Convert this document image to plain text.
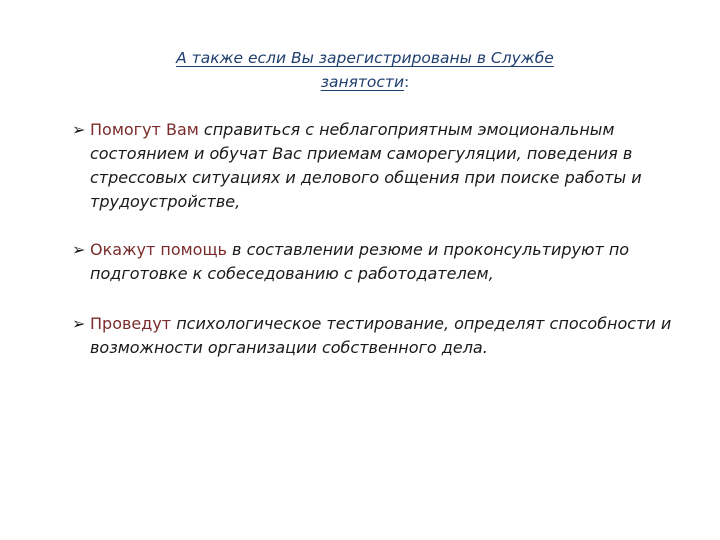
А также если Вы зарегистрированы в Службе
занятости:
➢ Помогут Вам справиться с неблагоприятным эмоциональным состоянием и обучат Вас приемам саморегуляции, поведения в стрессовых ситуациях и делового общения при поиске работы и трудоустройстве,
➢ Окажут помощь в составлении резюме и проконсультируют по подготовке к собеседованию с работодателем,
➢ Проведут психологическое тестирование, определят способности и возможности организации собственного дела.
